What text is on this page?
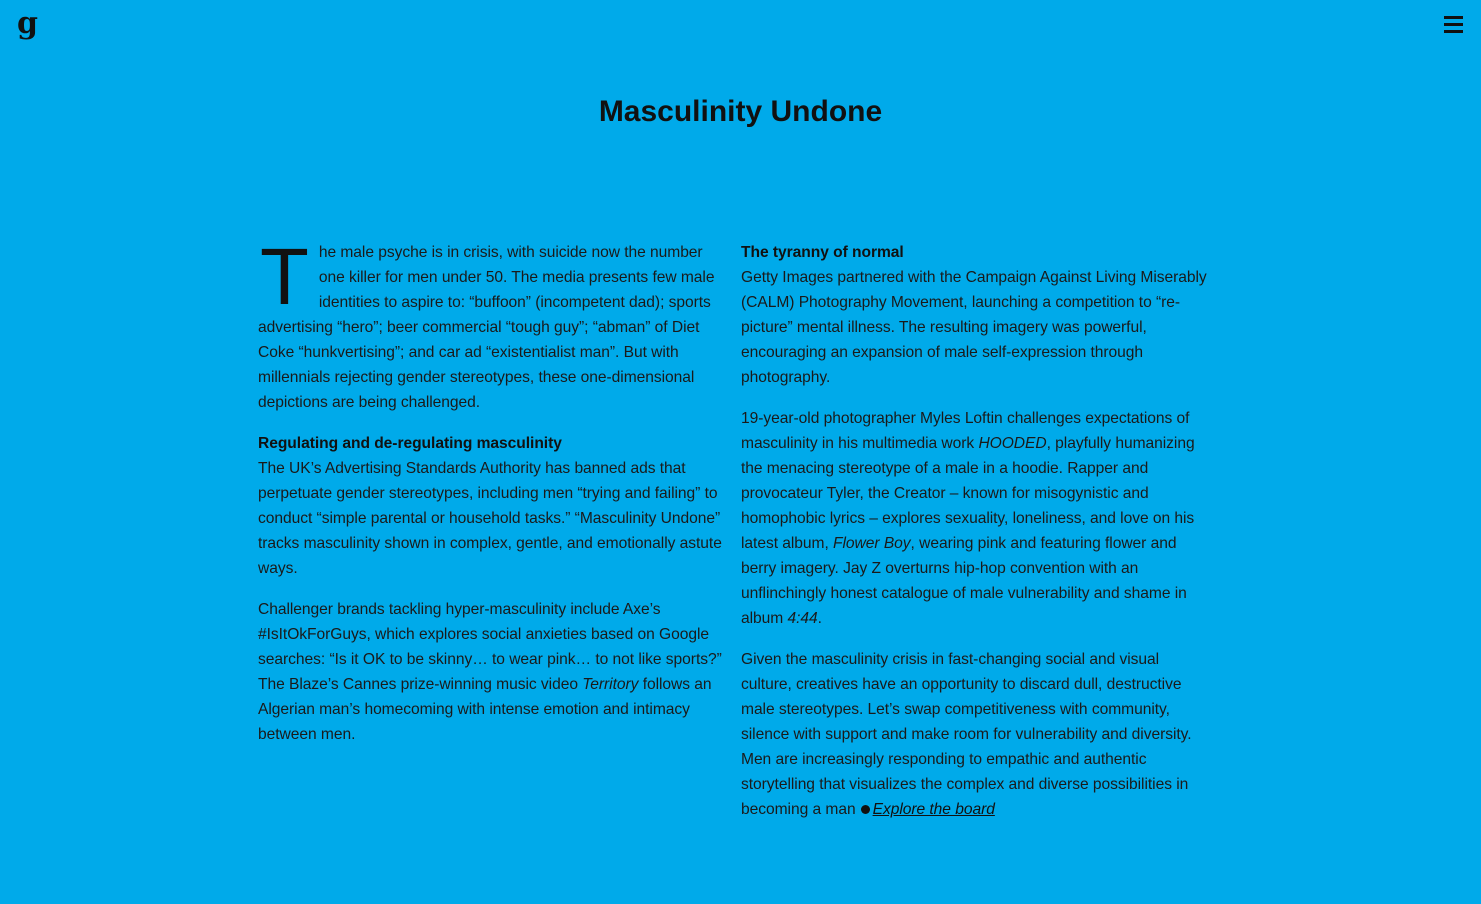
g
Masculinity Undone

The male psyche is in crisis, with suicide now the number one killer for men under 50. The media presents few male identities to aspire to: “buffoon” (incompetent dad); sports advertising “hero”; beer commercial “tough guy”; “abman” of Diet Coke “hunkvertising”; and car ad “existentialist man”. But with millennials rejecting gender stereotypes, these one-dimensional depictions are being challenged.

Regulating and de-regulating masculinity

The UK’s Advertising Standards Authority has banned ads that perpetuate gender stereotypes, including men “trying and failing” to conduct “simple parental or household tasks.” “Masculinity Undone” tracks masculinity shown in complex, gentle, and emotionally astute ways.

Challenger brands tackling hyper-masculinity include Axe’s #IsItOkForGuys, which explores social anxieties based on Google searches: “Is it OK to be skinny… to wear pink… to not like sports?” The Blaze’s Cannes prize-winning music video Territory follows an Algerian man’s homecoming with intense emotion and intimacy between men.

The tyranny of normal

Getty Images partnered with the Campaign Against Living Miserably (CALM) Photography Movement, launching a competition to “re-picture” mental illness. The resulting imagery was powerful, encouraging an expansion of male self-expression through photography.

19-year-old photographer Myles Loftin challenges expectations of masculinity in his multimedia work HOODED, playfully humanizing the menacing stereotype of a male in a hoodie. Rapper and provocateur Tyler, the Creator – known for misogynistic and homophobic lyrics – explores sexuality, loneliness, and love on his latest album, Flower Boy, wearing pink and featuring flower and berry imagery. Jay Z overturns hip-hop convention with an unflinchingly honest catalogue of male vulnerability and shame in album 4:44.

Given the masculinity crisis in fast-changing social and visual culture, creatives have an opportunity to discard dull, destructive male stereotypes. Let’s swap competitiveness with community, silence with support and make room for vulnerability and diversity. Men are increasingly responding to empathic and authentic storytelling that visualizes the complex and diverse possibilities in becoming a man Explore the board
